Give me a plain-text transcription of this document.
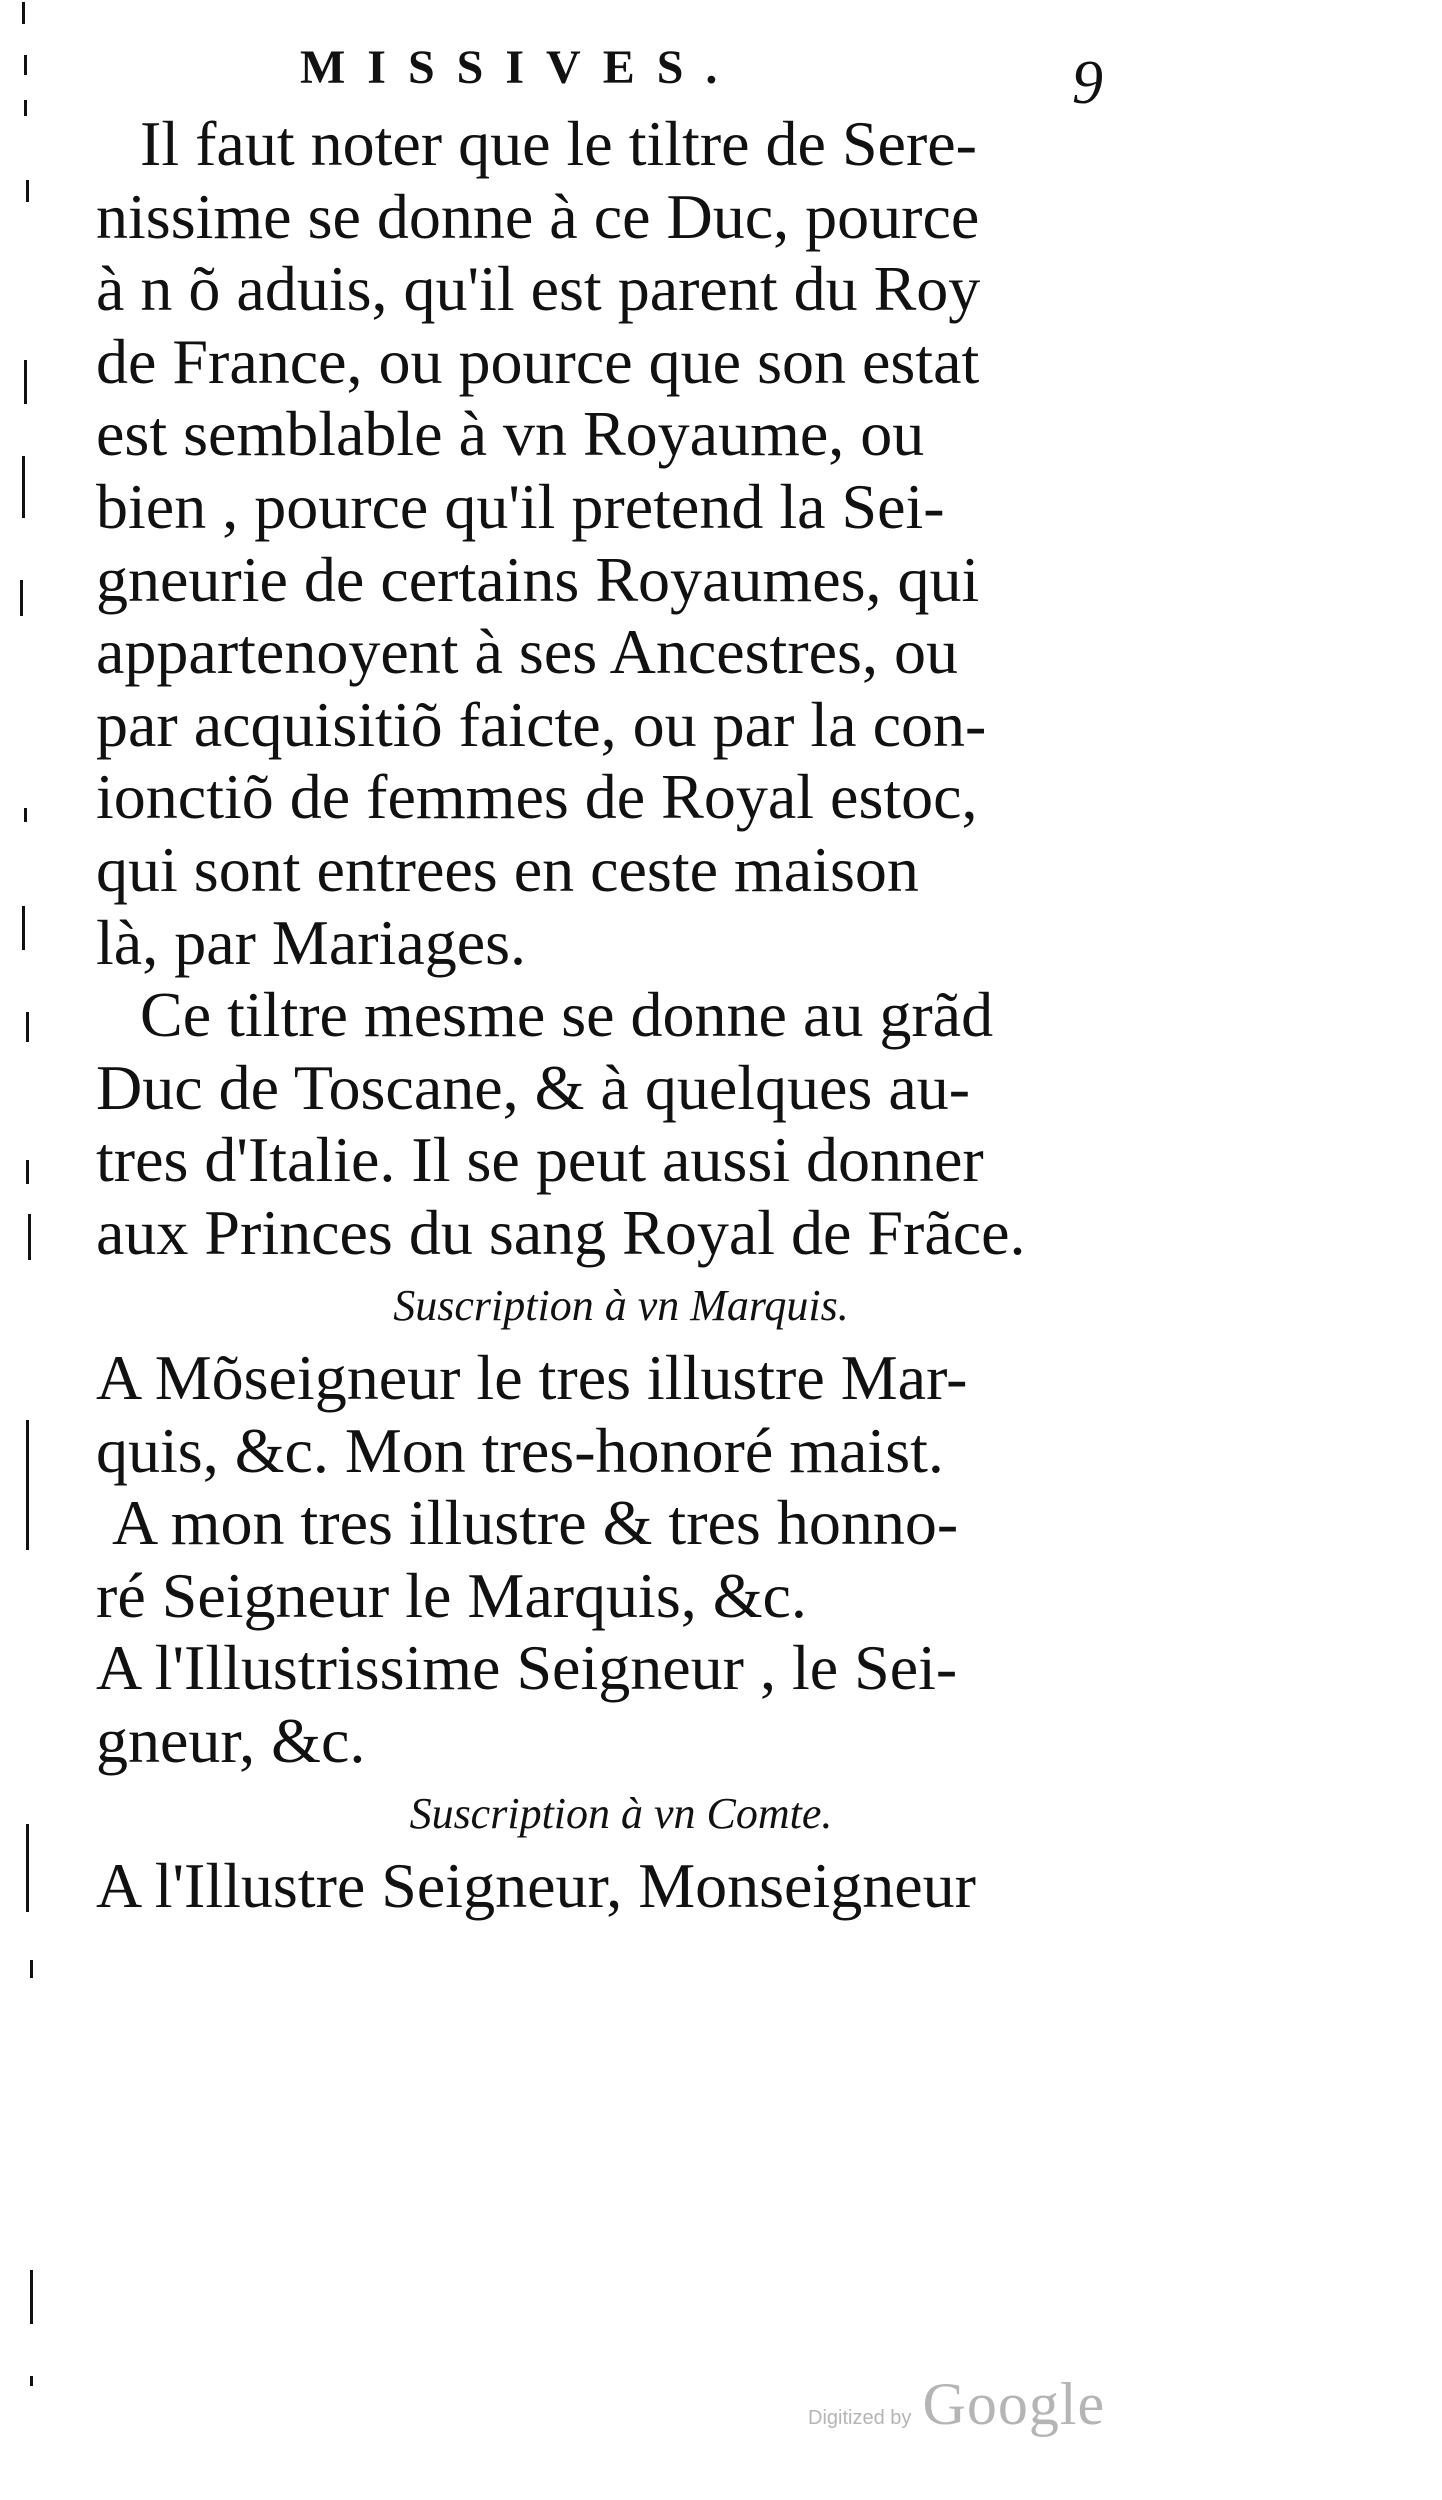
MISSIVES.	9
Il faut noter que le tiltre de Sere-
nissime se donne à ce Duc, pource
à n õ aduis, qu'il est parent du Roy
de France, ou pource que son estat
est semblable à vn Royaume, ou
bien , pource qu'il pretend la Sei-
gneurie de certains Royaumes, qui
appartenoyent à ses Ancestres, ou
par acquisitiõ faicte, ou par la con-
ionctiõ de femmes de Royal estoc,
qui sont entrees en ceste maison
là, par Mariages.
Ce tiltre mesme se donne au grãd
Duc de Toscane, & à quelques au-
tres d'Italie. Il se peut aussi donner
aux Princes du sang Royal de Frãce.
Suscription à vn Marquis.
A Mõseigneur le tres illustre Mar-
quis, &c. Mon tres-honoré maist.
A mon tres illustre & tres honno-
ré Seigneur le Marquis, &c.
A l'Illustrissime Seigneur , le Sei-
gneur, &c.
Suscription à vn Comte.
A l'Illustre Seigneur, Monseigneur
Digitized by Google
